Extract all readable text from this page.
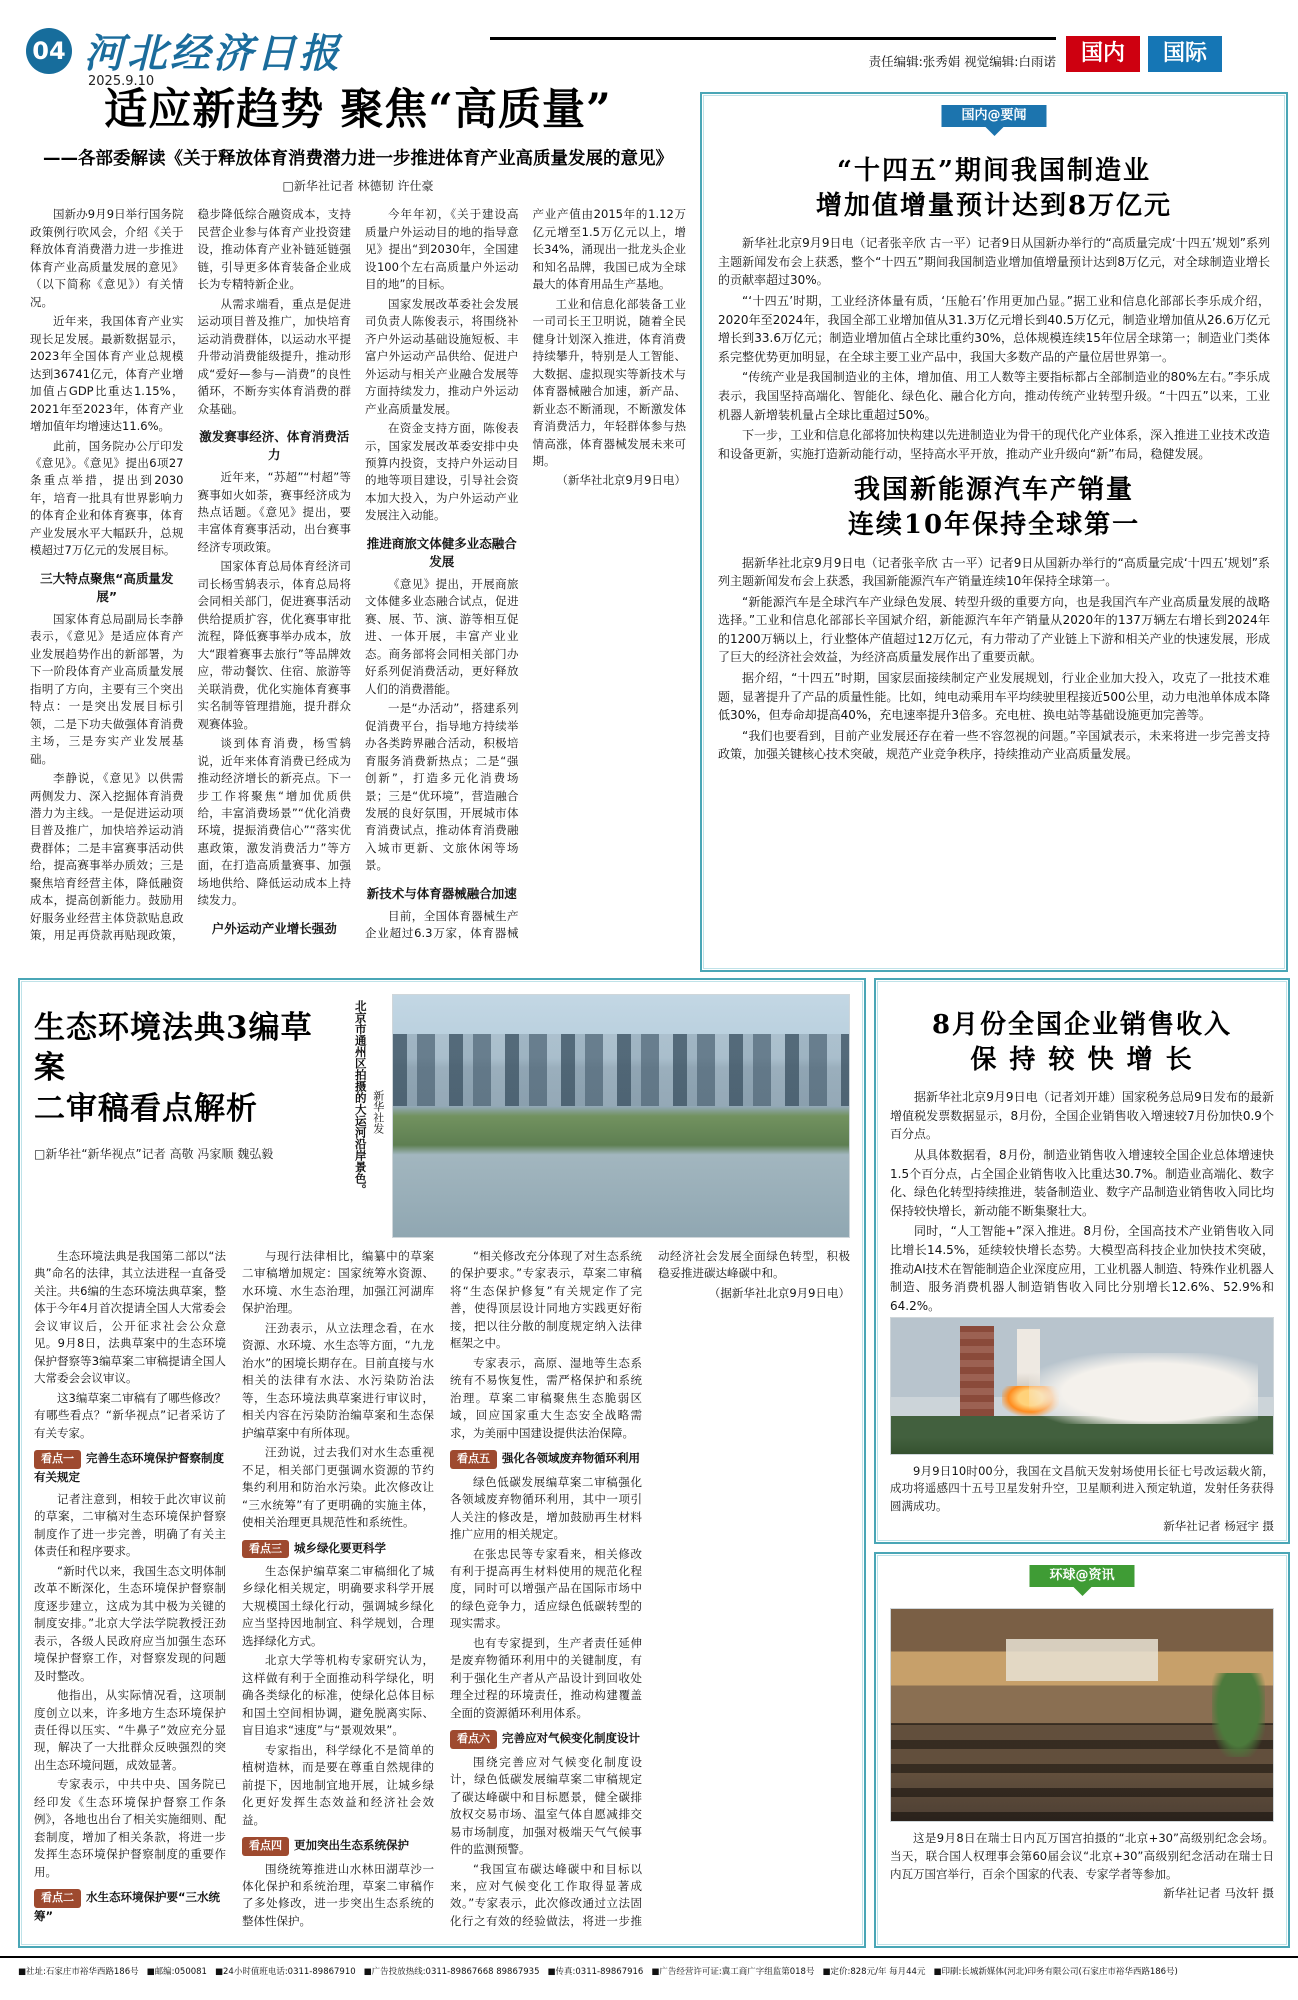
04 河北经济日报
2025.9.10
责任编辑:张秀娟 视觉编辑:白雨诺	国内	国际
适应新趋势 聚焦“高质量”

——各部委解读《关于释放体育消费潜力进一步推进体育产业高质量发展的意见》

□新华社记者 林德韧 许仕豪

国新办9月9日举行国务院政策例行吹风会，介绍《关于释放体育消费潜力进一步推进体育产业高质量发展的意见》（以下简称《意见》）有关情况。

近年来，我国体育产业实现长足发展。最新数据显示，2023年全国体育产业总规模达到36741亿元，体育产业增加值占GDP比重达1.15%，2021年至2023年，体育产业增加值年均增速达11.6%。

此前，国务院办公厅印发《意见》。《意见》提出6项27条重点举措，提出到2030年，培育一批具有世界影响力的体育企业和体育赛事，体育产业发展水平大幅跃升，总规模超过7万亿元的发展目标。

三大特点聚焦“高质量发展”

国家体育总局副局长李静表示，《意见》是适应体育产业发展趋势作出的新部署，为下一阶段体育产业高质量发展指明了方向，主要有三个突出特点：一是突出发展目标引领，二是下功夫做强体育消费主场，三是夯实产业发展基础。

李静说，《意见》以供需两侧发力、深入挖掘体育消费潜力为主线。一是促进运动项目普及推广，加快培养运动消费群体；二是丰富赛事活动供给，提高赛事举办质效；三是聚焦培育经营主体，降低融资成本，提高创新能力。鼓励用好服务业经营主体贷款贴息政策，用足再贷款再贴现政策，稳步降低综合融资成本，支持民营企业参与体育产业投资建设，推动体育产业补链延链强链，引导更多体育装备企业成长为专精特新企业。

从需求端看，重点是促进运动项目普及推广，加快培育运动消费群体，以运动水平提升带动消费能级提升，推动形成“爱好—参与—消费”的良性循环，不断夯实体育消费的群众基础。

激发赛事经济、体育消费活力

近年来，“苏超”“村超”等赛事如火如荼，赛事经济成为热点话题。《意见》提出，要丰富体育赛事活动，出台赛事经济专项政策。

国家体育总局体育经济司司长杨雪鸫表示，体育总局将会同相关部门，促进赛事活动供给提质扩容，优化赛事审批流程，降低赛事举办成本，放大“跟着赛事去旅行”等品牌效应，带动餐饮、住宿、旅游等关联消费，优化实施体育赛事实名制等管理措施，提升群众观赛体验。

谈到体育消费，杨雪鸫说，近年来体育消费已经成为推动经济增长的新亮点。下一步工作将聚焦“增加优质供给，丰富消费场景”“优化消费环境，提振消费信心”“落实优惠政策，激发消费活力”等方面，在打造高质量赛事、加强场地供给、降低运动成本上持续发力。

户外运动产业增长强劲

今年年初，《关于建设高质量户外运动目的地的指导意见》提出“到2030年，全国建设100个左右高质量户外运动目的地”的目标。

国家发展改革委社会发展司负责人陈俊表示，将围绕补齐户外运动基础设施短板、丰富户外运动产品供给、促进户外运动与相关产业融合发展等方面持续发力，推动户外运动产业高质量发展。

在资金支持方面，陈俊表示，国家发展改革委安排中央预算内投资，支持户外运动目的地等项目建设，引导社会资本加大投入，为户外运动产业发展注入动能。

推进商旅文体健多业态融合发展

《意见》提出，开展商旅文体健多业态融合试点，促进赛、展、节、演、游等相互促进、一体开展，丰富产业业态。商务部将会同相关部门办好系列促消费活动，更好释放人们的消费潜能。

一是“办活动”，搭建系列促消费平台，指导地方持续举办各类跨界融合活动，积极培育服务消费新热点；二是“强创新”，打造多元化消费场景；三是“优环境”，营造融合发展的良好氛围，开展城市体育消费试点，推动体育消费融入城市更新、文旅休闲等场景。

新技术与体育器械融合加速

目前，全国体育器械生产企业超过6.3万家，体育器械产业产值由2015年的1.12万亿元增至1.5万亿元以上，增长34%，涌现出一批龙头企业和知名品牌，我国已成为全球最大的体育用品生产基地。

工业和信息化部装备工业一司司长王卫明说，随着全民健身计划深入推进，体育消费持续攀升，特别是人工智能、大数据、虚拟现实等新技术与体育器械融合加速，新产品、新业态不断涌现，不断激发体育消费活力，年轻群体参与热情高涨，体育器械发展未来可期。

（新华社北京9月9日电）

国内@要闻
“十四五”期间我国制造业
增加值增量预计达到8万亿元

新华社北京9月9日电（记者张辛欣 古一平）记者9日从国新办举行的“高质量完成‘十四五’规划”系列主题新闻发布会上获悉，整个“十四五”期间我国制造业增加值增量预计达到8万亿元，对全球制造业增长的贡献率超过30%。

“‘十四五’时期，工业经济体量有质，‘压舱石’作用更加凸显。”据工业和信息化部部长李乐成介绍，2020年至2024年，我国全部工业增加值从31.3万亿元增长到40.5万亿元，制造业增加值从26.6万亿元增长到33.6万亿元；制造业增加值占全球比重约30%，总体规模连续15年位居全球第一；制造业门类体系完整优势更加明显，在全球主要工业产品中，我国大多数产品的产量位居世界第一。

“传统产业是我国制造业的主体，增加值、用工人数等主要指标都占全部制造业的80%左右。”李乐成表示，我国坚持高端化、智能化、绿色化、融合化方向，推动传统产业转型升级。“十四五”以来，工业机器人新增装机量占全球比重超过50%。

下一步，工业和信息化部将加快构建以先进制造业为骨干的现代化产业体系，深入推进工业技术改造和设备更新，实施打造新动能行动，坚持高水平开放，推动产业升级向“新”布局，稳健发展。

我国新能源汽车产销量
连续10年保持全球第一

据新华社北京9月9日电（记者张辛欣 古一平）记者9日从国新办举行的“高质量完成‘十四五’规划”系列主题新闻发布会上获悉，我国新能源汽车产销量连续10年保持全球第一。

“新能源汽车是全球汽车产业绿色发展、转型升级的重要方向，也是我国汽车产业高质量发展的战略选择。”工业和信息化部部长辛国斌介绍，新能源汽车年产销量从2020年的137万辆左右增长到2024年的1200万辆以上，行业整体产值超过12万亿元，有力带动了产业链上下游和相关产业的快速发展，形成了巨大的经济社会效益，为经济高质量发展作出了重要贡献。

据介绍，“十四五”时期，国家层面接续制定产业发展规划，行业企业加大投入，攻克了一批技术难题，显著提升了产品的质量性能。比如，纯电动乘用车平均续驶里程接近500公里，动力电池单体成本降低30%，但寿命却提高40%，充电速率提升3倍多。充电桩、换电站等基础设施更加完善等。

“我们也要看到，目前产业发展还存在着一些不容忽视的问题。”辛国斌表示，未来将进一步完善支持政策，加强关键核心技术突破，规范产业竞争秩序，持续推动产业高质量发展。

8月份全国企业销售收入
保 持 较 快 增 长

据新华社北京9月9日电（记者刘开雄）国家税务总局9日发布的最新增值税发票数据显示，8月份，全国企业销售收入增速较7月份加快0.9个百分点。

从具体数据看，8月份，制造业销售收入增速较全国企业总体增速快1.5个百分点，占全国企业销售收入比重达30.7%。制造业高端化、数字化、绿色化转型持续推进，装备制造业、数字产品制造业销售收入同比均保持较快增长，新动能不断集聚壮大。

同时，“人工智能+”深入推进。8月份，全国高技术产业销售收入同比增长14.5%，延续较快增长态势。大模型高科技企业加快技术突破，推动AI技术在智能制造企业深度应用，工业机器人制造、特殊作业机器人制造、服务消费机器人制造销售收入同比分别增长12.6%、52.9%和64.2%。

9月9日10时00分，我国在文昌航天发射场使用长征七号改运载火箭，成功将遥感四十五号卫星发射升空，卫星顺利进入预定轨道，发射任务获得圆满成功。

新华社记者 杨冠宇 摄

环球@资讯

这是9月8日在瑞士日内瓦万国宫拍摄的“北京+30”高级别纪念会场。当天，联合国人权理事会第60届会议“北京+30”高级别纪念活动在瑞士日内瓦万国宫举行，百余个国家的代表、专家学者等参加。

新华社记者 马汝轩 摄

生态环境法典3编草案
二审稿看点解析

□新华社“新华视点”记者 高敬 冯家顺 魏弘毅	北京市通州区拍摄的大运河沿岸景色。 新华社发

生态环境法典是我国第二部以“法典”命名的法律，其立法进程一直备受关注。共6编的生态环境法典草案，整体于今年4月首次提请全国人大常委会会议审议后，公开征求社会公众意见。9月8日，法典草案中的生态环境保护督察等3编草案二审稿提请全国人大常委会会议审议。

这3编草案二审稿有了哪些修改？有哪些看点？“新华视点”记者采访了有关专家。

看点一 完善生态环境保护督察制度有关规定

记者注意到，相较于此次审议前的草案，二审稿对生态环境保护督察制度作了进一步完善，明确了有关主体责任和程序要求。

“新时代以来，我国生态文明体制改革不断深化，生态环境保护督察制度逐步建立，这成为其中极为关键的制度安排。”北京大学法学院教授汪劲表示，各级人民政府应当加强生态环境保护督察工作，对督察发现的问题及时整改。

他指出，从实际情况看，这项制度创立以来，许多地方生态环境保护责任得以压实、“牛鼻子”效应充分显现，解决了一大批群众反映强烈的突出生态环境问题，成效显著。

专家表示，中共中央、国务院已经印发《生态环境保护督察工作条例》，各地也出台了相关实施细则、配套制度，增加了相关条款，将进一步发挥生态环境保护督察制度的重要作用。

看点二 水生态环境保护要“三水统筹”

与现行法律相比，编纂中的草案二审稿增加规定：国家统筹水资源、水环境、水生态治理，加强江河湖库保护治理。

汪劲表示，从立法理念看，在水资源、水环境、水生态等方面，“九龙治水”的困境长期存在。目前直接与水相关的法律有水法、水污染防治法等，生态环境法典草案进行审议时，相关内容在污染防治编草案和生态保护编草案中有所体现。

汪劲说，过去我们对水生态重视不足，相关部门更强调水资源的节约集约利用和防治水污染。此次修改让“三水统筹”有了更明确的实施主体，使相关治理更具规范性和系统性。

看点三 城乡绿化要更科学

生态保护编草案二审稿细化了城乡绿化相关规定，明确要求科学开展大规模国土绿化行动，强调城乡绿化应当坚持因地制宜、科学规划，合理选择绿化方式。

北京大学等机构专家研究认为，这样做有利于全面推动科学绿化，明确各类绿化的标准，使绿化总体目标和国土空间相协调，避免脱离实际、盲目追求“速度”与“景观效果”。

专家指出，科学绿化不是简单的植树造林，而是要在尊重自然规律的前提下，因地制宜地开展，让城乡绿化更好发挥生态效益和经济社会效益。

看点四 更加突出生态系统保护

围绕统筹推进山水林田湖草沙一体化保护和系统治理，草案二审稿作了多处修改，进一步突出生态系统的整体性保护。

“相关修改充分体现了对生态系统的保护要求。”专家表示，草案二审稿将“生态保护修复”有关规定作了完善，使得顶层设计同地方实践更好衔接，把以往分散的制度规定纳入法律框架之中。

专家表示，高原、湿地等生态系统有不易恢复性，需严格保护和系统治理。草案二审稿聚焦生态脆弱区域，回应国家重大生态安全战略需求，为美丽中国建设提供法治保障。

看点五 强化各领域废弃物循环利用

绿色低碳发展编草案二审稿强化各领域废弃物循环利用，其中一项引人关注的修改是，增加鼓励再生材料推广应用的相关规定。

在张忠民等专家看来，相关修改有利于提高再生材料使用的规范化程度，同时可以增强产品在国际市场中的绿色竞争力，适应绿色低碳转型的现实需求。

也有专家提到，生产者责任延伸是废弃物循环利用中的关键制度，有利于强化生产者从产品设计到回收处理全过程的环境责任，推动构建覆盖全面的资源循环利用体系。

看点六 完善应对气候变化制度设计

围绕完善应对气候变化制度设计，绿色低碳发展编草案二审稿规定了碳达峰碳中和目标愿景，健全碳排放权交易市场、温室气体自愿减排交易市场制度，加强对极端天气气候事件的监测预警。

“我国宣布碳达峰碳中和目标以来，应对气候变化工作取得显著成效。”专家表示，此次修改通过立法固化行之有效的经验做法，将进一步推动经济社会发展全面绿色转型，积极稳妥推进碳达峰碳中和。

（据新华社北京9月9日电）

■社址:石家庄市裕华西路186号 ■邮编:050081 ■24小时值班电话:0311-89867910 ■广告投放热线:0311-89867668 89867935 ■传真:0311-89867916 ■广告经营许可证:冀工商广字组监第018号 ■定价:828元/年 每月44元 ■印刷:长城新媒体(河北)印务有限公司(石家庄市裕华西路186号)
